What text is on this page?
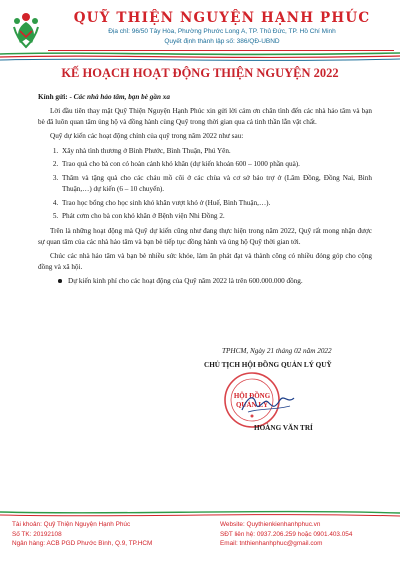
QUỸ THIỆN NGUYỆN HẠNH PHÚC
Địa chỉ: 96/50 Tây Hòa, Phường Phước Long A, TP. Thủ Đức, TP. Hồ Chí Minh
Quyết định thành lập số: 386/QĐ-UBND
KẾ HOẠCH HOẠT ĐỘNG THIỆN NGUYỆN 2022
Kính gửi: - Các nhà hảo tâm, bạn bè gần xa

Lời đầu tiên thay mặt Quỹ Thiện Nguyện Hạnh Phúc xin gửi lời cám ơn chân tình đến các nhà hảo tâm và bạn bè đã luôn quan tâm ủng hộ và đồng hành cùng Quỹ trong thời gian qua cả tinh thần lẫn vật chất.

Quỹ dự kiến các hoạt động chính của quỹ trong năm 2022 như sau:

1. Xây nhà tình thương ở Bình Phước, Bình Thuận, Phú Yên.
2. Trao quà cho bà con có hoàn cảnh khó khăn (dự kiến khoản 600 – 1000 phần quà).
3. Thăm và tặng quà cho các cháu mồ côi ở các chùa và cơ sở bảo trợ ở (Lâm Đồng, Đồng Nai, Bình Thuận,…) dự kiến (6 – 10 chuyến).
4. Trao học bổng cho học sinh khó khăn vượt khó ở (Huế, Bình Thuận,…).
5. Phát cơm cho bà con khó khăn ở Bệnh viện Nhi Đồng 2.

Trên là những hoạt động mà Quỹ dự kiến cũng như đang thực hiện trong năm 2022, Quỹ rất mong nhận được sự quan tâm của các nhà hảo tâm và bạn bè tiếp tục đồng hành và ủng hộ Quỹ thời gian tới.

Chúc các nhà hảo tâm và bạn bè nhiều sức khỏe, làm ăn phát đạt và thành công có nhiều đóng góp cho cộng đồng và xã hội.

Dự kiến kinh phí cho các hoạt động của Quỹ năm 2022 là trên 600.000.000 đồng.
TPHCM, Ngày 21 tháng 02 năm 2022
CHỦ TỊCH HỘI ĐỒNG QUẢN LÝ QUỸ
HỘI ĐỒNG
QUẢN LÝ
HOÀNG VĂN TRÍ
Tài khoản: Quỹ Thiện Nguyện Hạnh Phúc
Số TK: 20192108
Ngân hàng: ACB PGD Phước Bình, Q.9, TP.HCM
Website: Quythienkienhanhphuc.vn
SĐT liên hệ: 0937.206.259 hoặc 0901.403.054
Email: tnthienhanhphuc@gmail.com
